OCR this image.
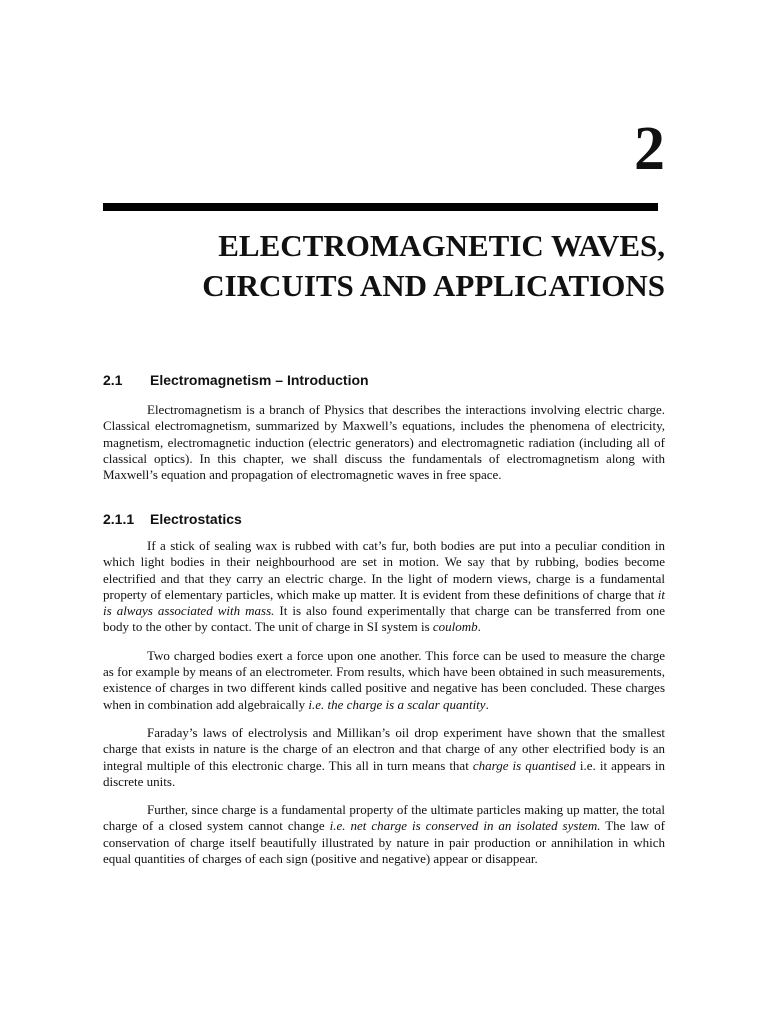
2
ELECTROMAGNETIC WAVES,
CIRCUITS AND APPLICATIONS
2.1 Electromagnetism – Introduction

Electromagnetism is a branch of Physics that describes the interactions involving electric charge. Classical electromagnetism, summarized by Maxwell’s equations, includes the phenomena of electricity, magnetism, electromagnetic induction (electric generators) and electromagnetic radiation (including all of classical optics). In this chapter, we shall discuss the fundamentals of electromagnetism along with Maxwell’s equation and propagation of electromagnetic waves in free space.

2.1.1 Electrostatics

If a stick of sealing wax is rubbed with cat’s fur, both bodies are put into a peculiar condition in which light bodies in their neighbourhood are set in motion. We say that by rubbing, bodies become electrified and that they carry an electric charge. In the light of modern views, charge is a fundamental property of elementary particles, which make up matter. It is evident from these definitions of charge that it is always associated with mass. It is also found experimentally that charge can be transferred from one body to the other by contact. The unit of charge in SI system is coulomb.

Two charged bodies exert a force upon one another. This force can be used to measure the charge as for example by means of an electrometer. From results, which have been obtained in such measurements, existence of charges in two different kinds called positive and negative has been concluded. These charges when in combination add algebraically i.e. the charge is a scalar quantity.

Faraday’s laws of electrolysis and Millikan’s oil drop experiment have shown that the smallest charge that exists in nature is the charge of an electron and that charge of any other electrified body is an integral multiple of this electronic charge. This all in turn means that charge is quantised i.e. it appears in discrete units.

Further, since charge is a fundamental property of the ultimate particles making up matter, the total charge of a closed system cannot change i.e. net charge is conserved in an isolated system. The law of conservation of charge itself beautifully illustrated by nature in pair production or annihilation in which equal quantities of charges of each sign (positive and negative) appear or disappear.
